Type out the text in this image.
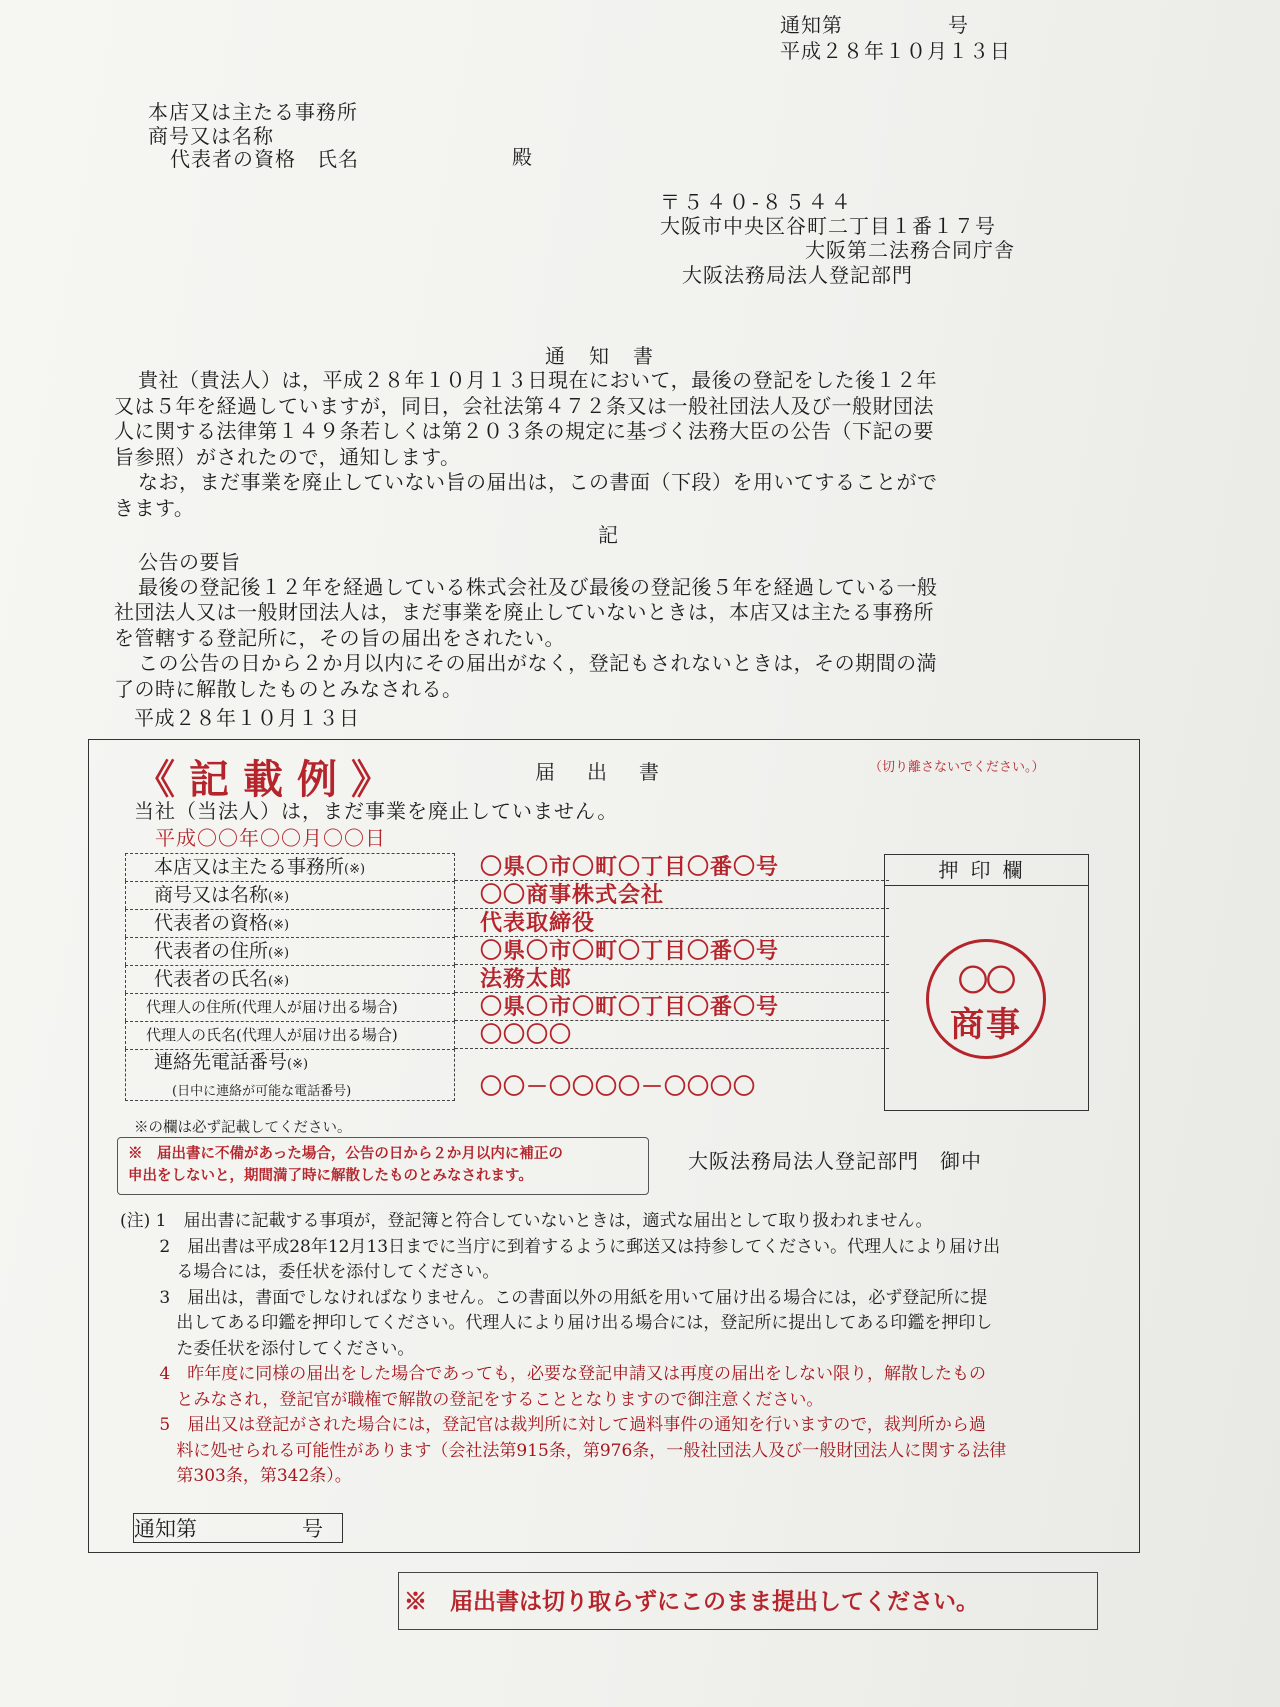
通知第　　　　　号
平成２８年１０月１３日
本店又は主たる事務所
商号又は名称
代表者の資格　氏名	殿
〒５４０-８５４４
大阪市中央区谷町二丁目１番１７号
大阪第二法務合同庁舎
大阪法務局法人登記部門
通　知　書
貴社（貴法人）は，平成２８年１０月１３日現在において，最後の登記をした後１２年
又は５年を経過していますが，同日，会社法第４７２条又は一般社団法人及び一般財団法
人に関する法律第１４９条若しくは第２０３条の規定に基づく法務大臣の公告（下記の要
旨参照）がされたので，通知します。
なお，まだ事業を廃止していない旨の届出は，この書面（下段）を用いてすることがで
きます。
記
公告の要旨
最後の登記後１２年を経過している株式会社及び最後の登記後５年を経過している一般
社団法人又は一般財団法人は，まだ事業を廃止していないときは，本店又は主たる事務所
を管轄する登記所に，その旨の届出をされたい。
この公告の日から２か月以内にその届出がなく，登記もされないときは，その期間の満
了の時に解散したものとみなされる。
平成２８年１０月１３日
《記載例》	届　出　書	（切り離さないでください。）
当社（当法人）は，まだ事業を廃止していません。
平成〇〇年〇〇月〇〇日
本店又は主たる事務所(※)	〇県〇市〇町〇丁目〇番〇号
商号又は名称(※)	〇〇商事株式会社
代表者の資格(※)	代表取締役
代表者の住所(※)	〇県〇市〇町〇丁目〇番〇号
代表者の氏名(※)	法務太郎
代理人の住所(代理人が届け出る場合)	〇県〇市〇町〇丁目〇番〇号
代理人の氏名(代理人が届け出る場合)	〇〇〇〇
連絡先電話番号(※)
(日中に連絡が可能な電話番号)	〇〇－〇〇〇〇－〇〇〇〇
押印欄
〇〇
商事
※の欄は必ず記載してください。
※　届出書に不備があった場合，公告の日から２か月以内に補正の
申出をしないと，期間満了時に解散したものとみなされます。
大阪法務局法人登記部門　御中
(注) 1　届出書に記載する事項が，登記簿と符合していないときは，適式な届出として取り扱われません。
　　 2　届出書は平成28年12月13日までに当庁に到着するように郵送又は持参してください。代理人により届け出
　　　 る場合には，委任状を添付してください。
　　 3　届出は，書面でしなければなりません。この書面以外の用紙を用いて届け出る場合には，必ず登記所に提
　　　 出してある印鑑を押印してください。代理人により届け出る場合には，登記所に提出してある印鑑を押印し
　　　 た委任状を添付してください。
　　 4　昨年度に同様の届出をした場合であっても，必要な登記申請又は再度の届出をしない限り，解散したもの
　　　 とみなされ，登記官が職権で解散の登記をすることとなりますので御注意ください。
　　 5　届出又は登記がされた場合には，登記官は裁判所に対して過料事件の通知を行いますので，裁判所から過
　　　 料に処せられる可能性があります（会社法第915条，第976条，一般社団法人及び一般財団法人に関する法律
　　　 第303条，第342条）。
通知第　　　　　号
※　届出書は切り取らずにこのまま提出してください。
